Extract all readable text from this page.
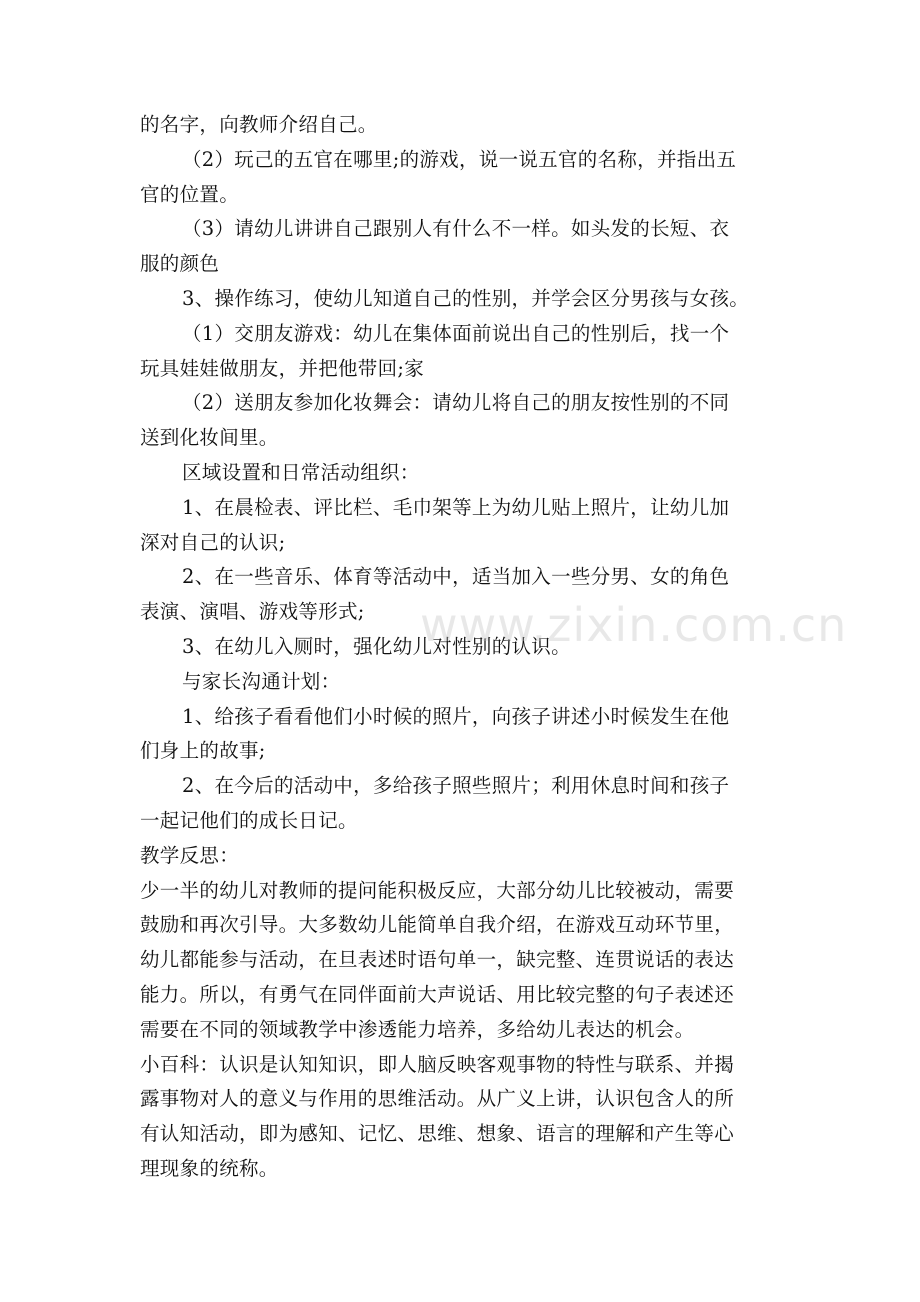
的名字，向教师介绍自己。
（2）玩己的五官在哪里;的游戏，说一说五官的名称，并指出五
官的位置。
（3）请幼儿讲讲自己跟别人有什么不一样。如头发的长短、衣
服的颜色
3、操作练习，使幼儿知道自己的性别，并学会区分男孩与女孩。
（1）交朋友游戏：幼儿在集体面前说出自己的性别后，找一个
玩具娃娃做朋友，并把他带回;家
（2）送朋友参加化妆舞会：请幼儿将自己的朋友按性别的不同
送到化妆间里。
区域设置和日常活动组织：
1、在晨检表、评比栏、毛巾架等上为幼儿贴上照片，让幼儿加
深对自己的认识;
2、在一些音乐、体育等活动中，适当加入一些分男、女的角色
表演、演唱、游戏等形式;
3、在幼儿入厕时，强化幼儿对性别的认识。
与家长沟通计划：
1、给孩子看看他们小时候的照片，向孩子讲述小时候发生在他
们身上的故事;
2、在今后的活动中，多给孩子照些照片；利用休息时间和孩子
一起记他们的成长日记。
教学反思：
少一半的幼儿对教师的提问能积极反应，大部分幼儿比较被动，需要
鼓励和再次引导。大多数幼儿能简单自我介绍，在游戏互动环节里，
幼儿都能参与活动，在旦表述时语句单一，缺完整、连贯说话的表达
能力。所以，有勇气在同伴面前大声说话、用比较完整的句子表述还
需要在不同的领域教学中渗透能力培养，多给幼儿表达的机会。
小百科：认识是认知知识，即人脑反映客观事物的特性与联系、并揭
露事物对人的意义与作用的思维活动。从广义上讲，认识包含人的所
有认知活动，即为感知、记忆、思维、想象、语言的理解和产生等心
理现象的统称。
www.zixin.com.cn
